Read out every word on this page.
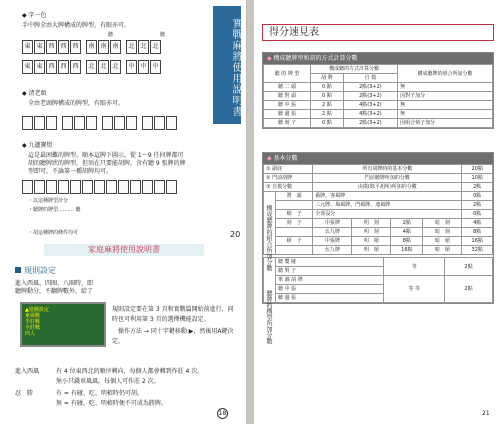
◆ 字一色
手中牌全由大牌構成的牌型，有眼亦可。
聽	聽
東 東 西 西 西	南 南 南	北 北 北
東 東 西 西 西	北 北 北	中 中 中
◆ 清老頭
全由老頭牌構成的牌型，有眼亦可。
◆ 九蓮寶燈
這是最困難的牌型。順本這牌下圖示，從 1～9 任何牌都可
胡的聽牌狀的牌型，但須在只要能胡牌，含有聽 9 張牌的牌
型即可，不論第一種胡牌均可。
・以這種牌型計分
・聽牌的牌型.......... 聽
・胡這種牌的條件均可	20
實戰麻將使用說明書
家庭麻將使用說明書
規則設定
進入西風、四圈、八圈時，即
聽牌動分，不翻牌數外，給了
▲遊戲設定
東風戰
半莊戰
全莊戰
四人
規則設定要在第 3 頁和實戰篇開始前進行，同
時也可利用第 3 頁的選擇機能設定。
操作方法 → 同十字鍵移動 ▶，然後用A鍵決
定。
進入西風	有 4 位東西北的順序轉向，每個人都會轉到作莊 4 次。
無小只錢車風風，每個人可作莊 2 次。
忍　勝	有 = 有碰、吃、明槓時仍可胡。
無 = 有碰、吃、明槓時便不可成為勝牌。
18
得分速見表
◆ 構成聽牌型和胡的方式計算分數
聽 的 牌 型	構成聽的方式計算分數		構成聽牌的組合所加分數
	胡 牌	自 摸	
聽 二 頭	0 點	2點(3+2)	無
聽 對 頭	0 點	2點(3+2)	因對子加分
聽 中 張	2 點	4點(3+2)	無
聽 邊 張	2 點	4點(3+2)	無
聽 刻 子	0 點	2點(3+2)	因組合刻子加分
◆ 基本分數
① 副底		所有胡牌時的基本分數				20點
② 門前胡牌		門前聽牌所加的分數				10點
③ 自摸分數		由摸(除平胡所)所加的分數				2點
	將　頭	番牌、客風牌				0點
		三元牌、場風牌、門風牌、連風牌				2點
	順　子	全部沒分				0點
	刻　子	中張牌	明　刻	2點	暗　刻	4點
		幺九牌	明　刻	4點	暗　刻	8點
	槓　子	中張牌	明　槓	8點	暗　槓	16點
		幺九牌	明　槓	16點	暗　槓	32點
	聽 雙 碰	等	2點
	聽 對 子		
	單 調 胡 牌	等 等	2點
	聽 中 張		
	聽 邊 張		
構成聽牌的組合所加分數
聽牌的構型所加分數
21
